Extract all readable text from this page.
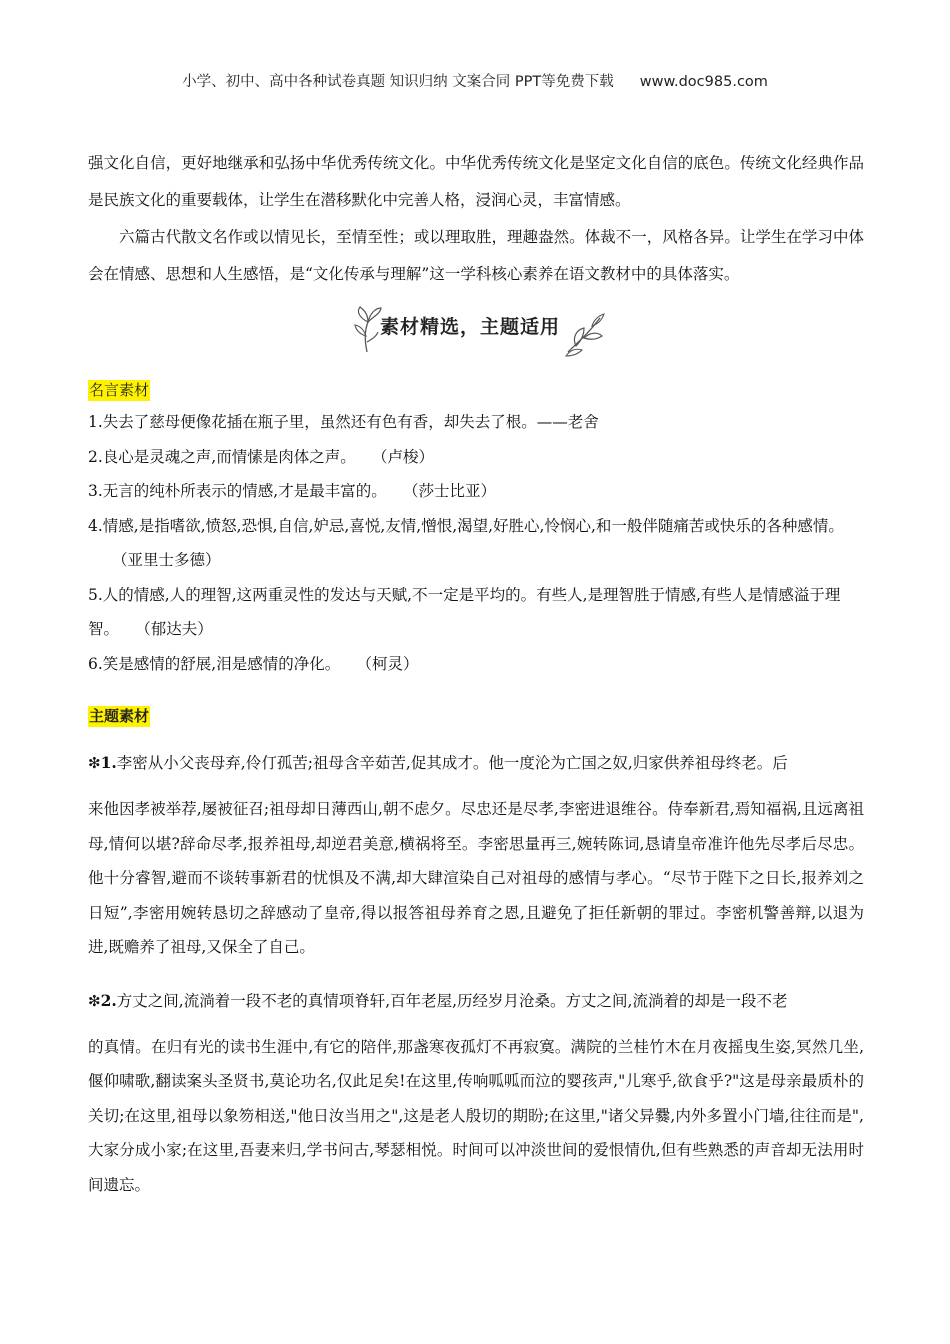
小学、初中、高中各种试卷真题 知识归纳 文案合同 PPT等免费下载 www.doc985.com

强文化自信，更好地继承和弘扬中华优秀传统文化。中华优秀传统文化是坚定文化自信的底色。传统文化经典作品是民族文化的重要载体，让学生在潜移默化中完善人格，浸润心灵，丰富情感。

六篇古代散文名作或以情见长，至情至性；或以理取胜，理趣盎然。体裁不一，风格各异。让学生在学习中体会在情感、思想和人生感悟，是“文化传承与理解”这一学科核心素养在语文教材中的具体落实。

素材精选，主题适用
名言素材
1.失去了慈母便像花插在瓶子里，虽然还有色有香，却失去了根。——老舍
2.良心是灵魂之声,而情愫是肉体之声。 （卢梭）
3.无言的纯朴所表示的情感,才是最丰富的。 （莎士比亚）
4.情感,是指嗜欲,愤怒,恐惧,自信,妒忌,喜悦,友情,憎恨,渴望,好胜心,怜悯心,和一般伴随痛苦或快乐的各种感情。（亚里士多德）
5.人的情感,人的理智,这两重灵性的发达与天赋,不一定是平均的。有些人,是理智胜于情感,有些人是情感溢于理智。 （郁达夫）
6.笑是感情的舒展,泪是感情的净化。 （柯灵）
主题素材

❇1.李密从小父丧母弃,伶仃孤苦;祖母含辛茹苦,促其成才。他一度沦为亡国之奴,归家供养祖母终老。后

来他因孝被举荐,屡被征召;祖母却日薄西山,朝不虑夕。尽忠还是尽孝,李密进退维谷。侍奉新君,焉知福祸,且远离祖母,情何以堪?辞命尽孝,报养祖母,却逆君美意,横祸将至。李密思量再三,婉转陈词,恳请皇帝准许他先尽孝后尽忠。他十分睿智,避而不谈转事新君的忧惧及不满,却大肆渲染自己对祖母的感情与孝心。“尽节于陛下之日长,报养刘之日短”,李密用婉转恳切之辞感动了皇帝,得以报答祖母养育之恩,且避免了拒任新朝的罪过。李密机警善辩,以退为进,既赡养了祖母,又保全了自己。

❇2.方丈之间,流淌着一段不老的真情项脊轩,百年老屋,历经岁月沧桑。方丈之间,流淌着的却是一段不老

的真情。在归有光的读书生涯中,有它的陪伴,那盏寒夜孤灯不再寂寞。满院的兰桂竹木在月夜摇曳生姿,冥然几坐,偃仰啸歌,翻读案头圣贤书,莫论功名,仅此足矣!在这里,传响呱呱而泣的婴孩声,"儿寒乎,欲食乎?"这是母亲最质朴的关切;在这里,祖母以象笏相送,"他日汝当用之",这是老人殷切的期盼;在这里,"诸父异爨,内外多置小门墙,往往而是",大家分成小家;在这里,吾妻来归,学书问古,琴瑟相悦。时间可以冲淡世间的爱恨情仇,但有些熟悉的声音却无法用时间遗忘。
